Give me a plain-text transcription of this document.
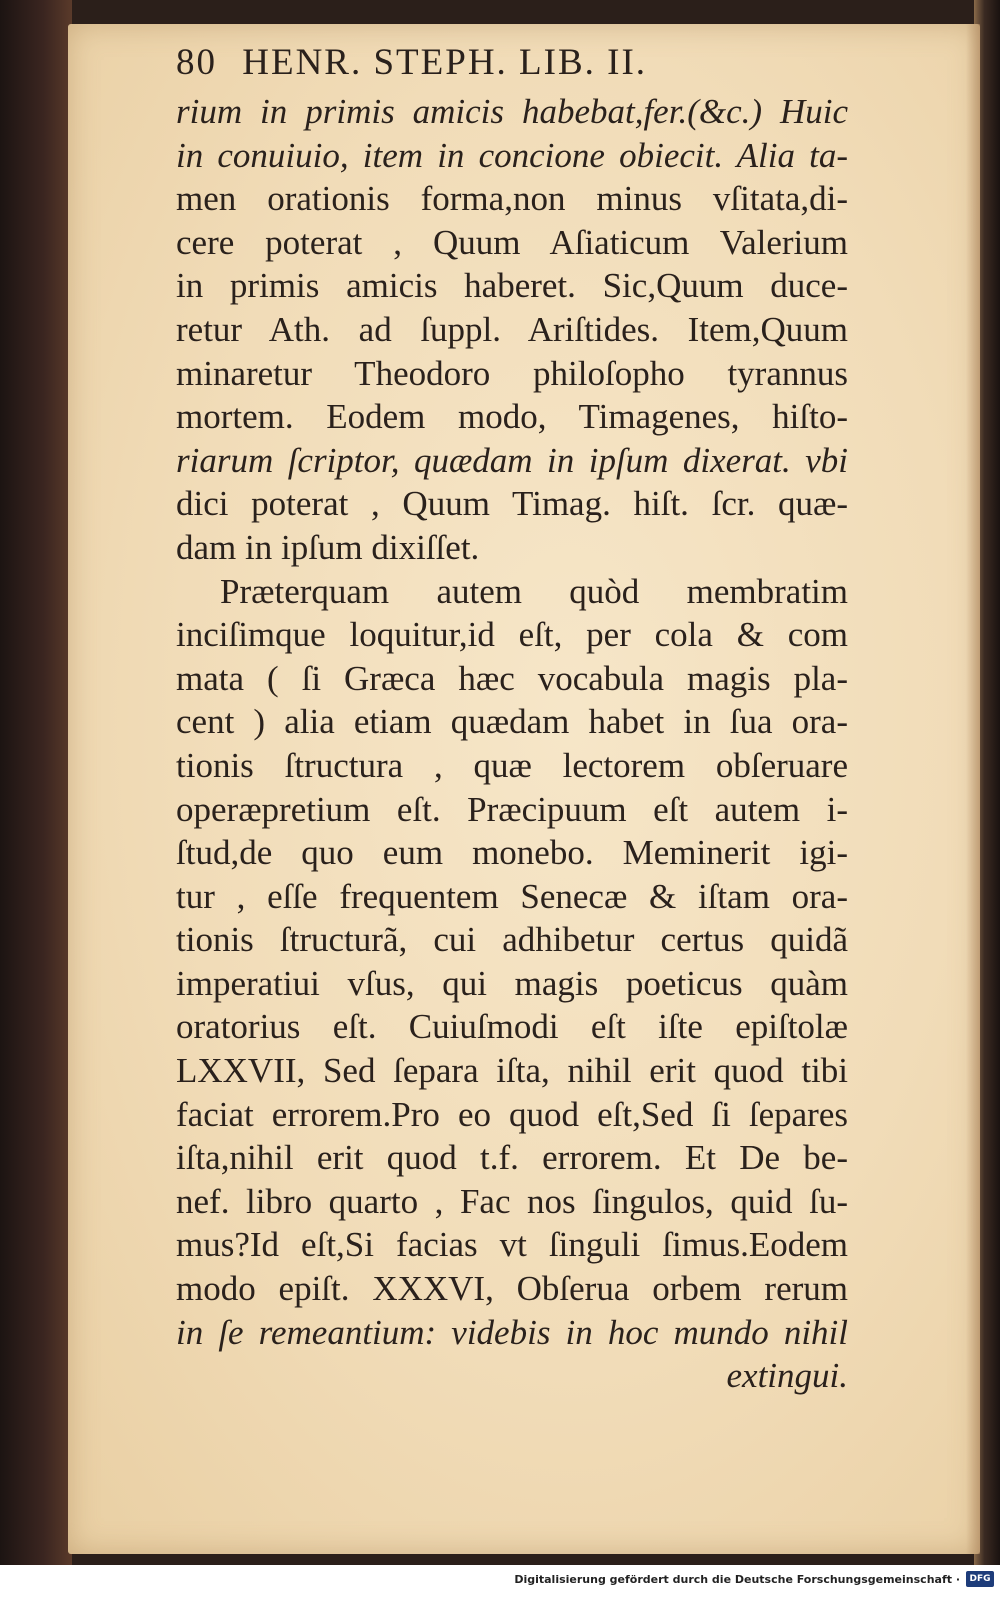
80 HENR. STEPH. LIB. II.
rium in primis amicis habebat,fer.(&c.) Huic
in conuiuio, item in concione obiecit. Alia ta-
men orationis forma,non minus vſitata,di-
cere poterat , Quum Aſiaticum Valerium
in primis amicis haberet. Sic,Quum duce-
retur Ath. ad ſuppl. Ariſtides. Item,Quum
minaretur Theodoro philoſopho tyrannus
mortem. Eodem modo, Timagenes, hiſto-
riarum ſcriptor, quædam in ipſum dixerat. vbi
dici poterat , Quum Timag. hiſt. ſcr. quæ-
dam in ipſum dixiſſet.
Præterquam autem quòd membratim
inciſimque loquitur,id eſt, per cola & com
mata ( ſi Græca hæc vocabula magis pla-
cent ) alia etiam quædam habet in ſua ora-
tionis ſtructura , quæ lectorem obſeruare
operæpretium eſt. Præcipuum eſt autem i-
ſtud,de quo eum monebo. Meminerit igi-
tur , eſſe frequentem Senecæ & iſtam ora-
tionis ſtructurã, cui adhibetur certus quidã
imperatiui vſus, qui magis poeticus quàm
oratorius eſt. Cuiuſmodi eſt iſte epiſtolæ
LXXVII, Sed ſepara iſta, nihil erit quod tibi
faciat errorem.Pro eo quod eſt,Sed ſi ſepares
iſta,nihil erit quod t.f. errorem. Et De be-
nef. libro quarto , Fac nos ſingulos, quid ſu-
mus?Id eſt,Si facias vt ſinguli ſimus.Eodem
modo epiſt. XXXVI, Obſerua orbem rerum
in ſe remeantium: videbis in hoc mundo nihil
extingui.
Digitalisierung gefördert durch die Deutsche Forschungsgemeinschaft ·	DFG
